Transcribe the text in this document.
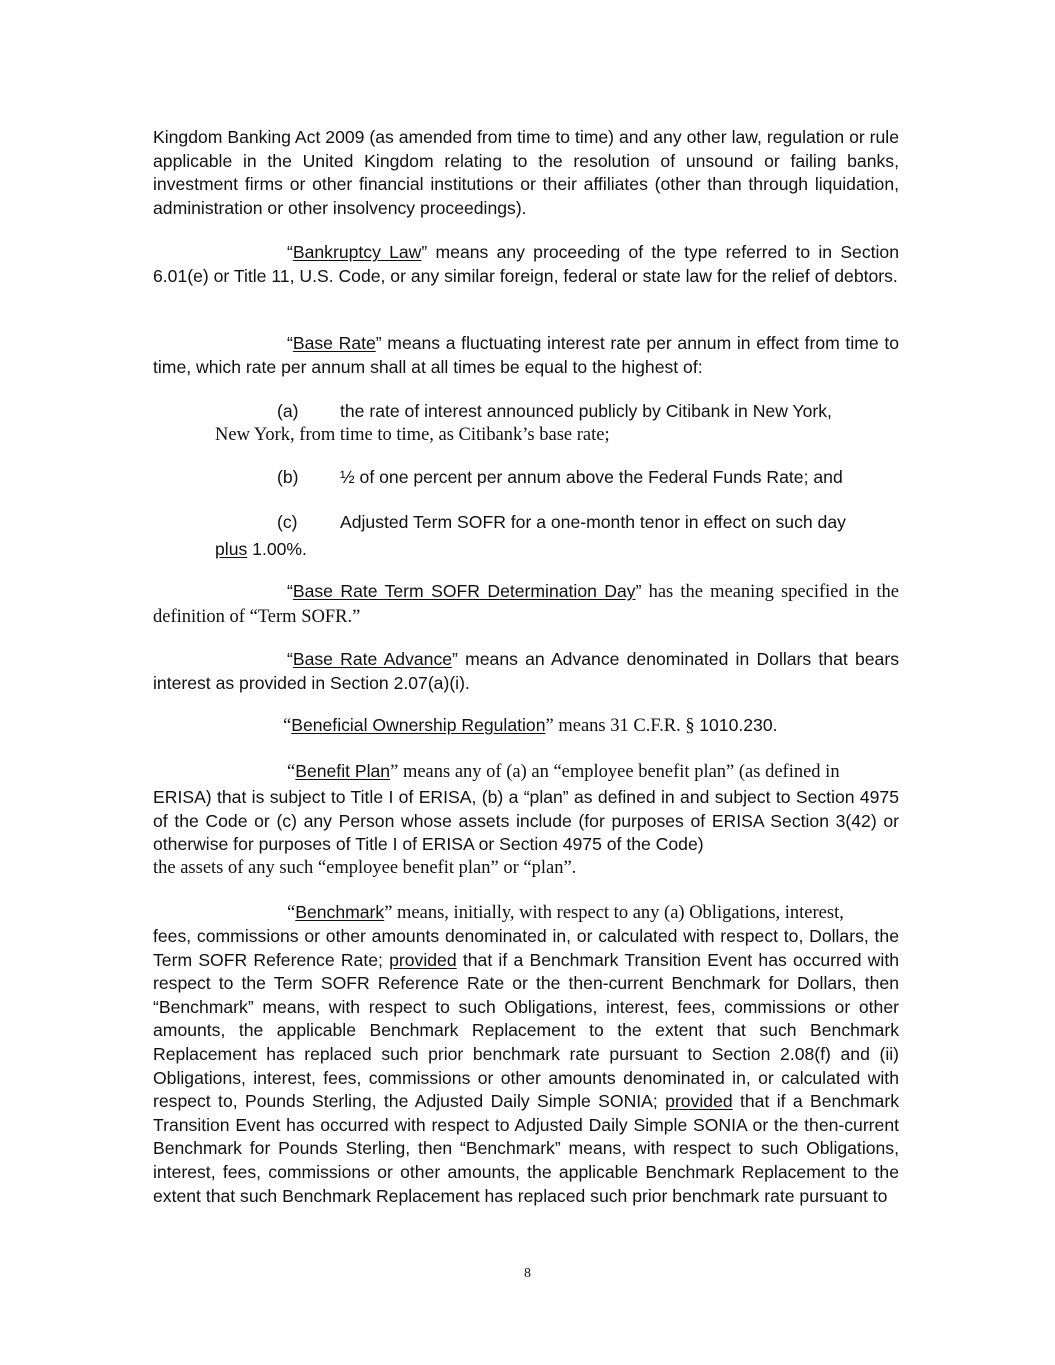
Kingdom Banking Act 2009 (as amended from time to time) and any other law, regulation or rule applicable in the United Kingdom relating to the resolution of unsound or failing banks, investment firms or other financial institutions or their affiliates (other than through liquidation, administration or other insolvency proceedings).

“Bankruptcy Law” means any proceeding of the type referred to in Section 6.01(e) or Title 11, U.S. Code, or any similar foreign, federal or state law for the relief of debtors.

“Base Rate” means a fluctuating interest rate per annum in effect from time to time, which rate per annum shall at all times be equal to the highest of:

(a) the rate of interest announced publicly by Citibank in New York,

New York, from time to time, as Citibank’s base rate;

(b) ½ of one percent per annum above the Federal Funds Rate; and
(c) Adjusted Term SOFR for a one-month tenor in effect on such day

plus 1.00%.

“Base Rate Term SOFR Determination Day” has the meaning specified in the definition of “Term SOFR.”

“Base Rate Advance” means an Advance denominated in Dollars that bears interest as provided in Section 2.07(a)(i).

“Beneficial Ownership Regulation” means 31 C.F.R. § 1010.230.

“Benefit Plan” means any of (a) an “employee benefit plan” (as defined in

ERISA) that is subject to Title I of ERISA, (b) a “plan” as defined in and subject to Section 4975 of the Code or (c) any Person whose assets include (for purposes of ERISA Section 3(42) or otherwise for purposes of Title I of ERISA or Section 4975 of the Code)

the assets of any such “employee benefit plan” or “plan”.

“Benchmark” means, initially, with respect to any (a) Obligations, interest,

fees, commissions or other amounts denominated in, or calculated with respect to, Dollars, the Term SOFR Reference Rate; provided that if a Benchmark Transition Event has occurred with respect to the Term SOFR Reference Rate or the then-current Benchmark for Dollars, then “Benchmark” means, with respect to such Obligations, interest, fees, commissions or other amounts, the applicable Benchmark Replacement to the extent that such Benchmark Replacement has replaced such prior benchmark rate pursuant to Section 2.08(f) and (ii) Obligations, interest, fees, commissions or other amounts denominated in, or calculated with respect to, Pounds Sterling, the Adjusted Daily Simple SONIA; provided that if a Benchmark Transition Event has occurred with respect to Adjusted Daily Simple SONIA or the then-current Benchmark for Pounds Sterling, then “Benchmark” means, with respect to such Obligations, interest, fees, commissions or other amounts, the applicable Benchmark Replacement to the extent that such Benchmark Replacement has replaced such prior benchmark rate pursuant to

8
